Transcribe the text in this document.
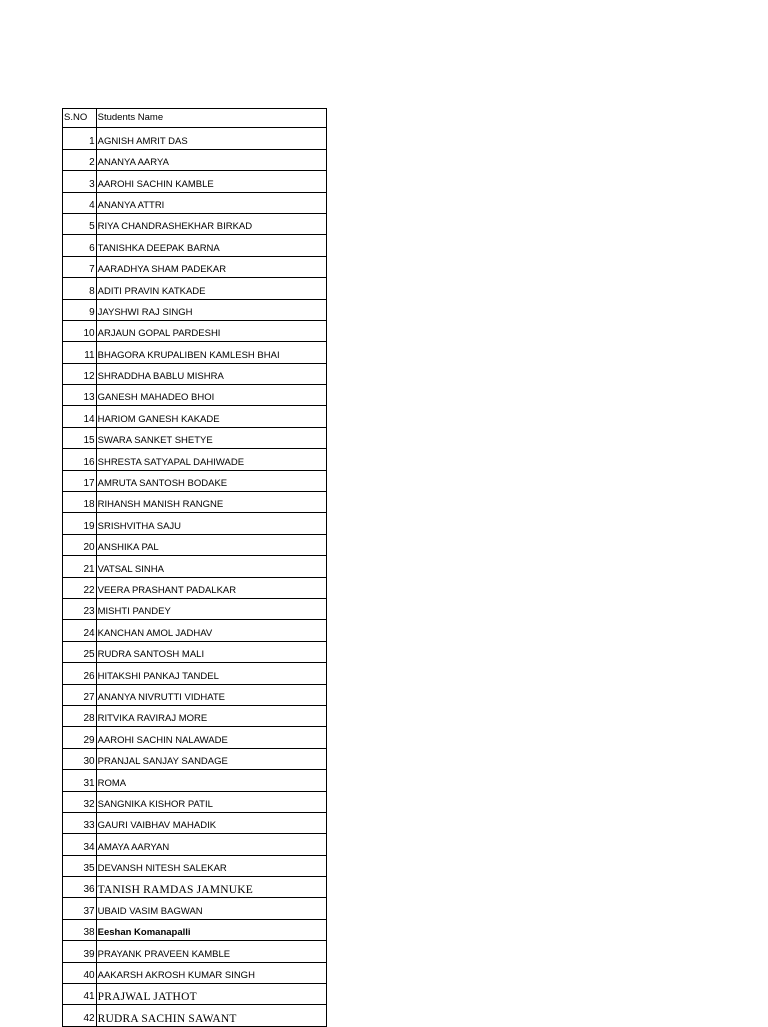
S.NO	Students Name
1	AGNISH AMRIT DAS
2	ANANYA AARYA
3	AAROHI SACHIN KAMBLE
4	ANANYA ATTRI
5	RIYA CHANDRASHEKHAR BIRKAD
6	TANISHKA DEEPAK BARNA
7	AARADHYA SHAM PADEKAR
8	ADITI PRAVIN KATKADE
9	JAYSHWI RAJ SINGH
10	ARJAUN GOPAL PARDESHI
11	BHAGORA KRUPALIBEN KAMLESH BHAI
12	SHRADDHA BABLU MISHRA
13	GANESH MAHADEO BHOI
14	HARIOM GANESH KAKADE
15	SWARA SANKET SHETYE
16	SHRESTA SATYAPAL DAHIWADE
17	AMRUTA SANTOSH BODAKE
18	RIHANSH MANISH RANGNE
19	SRISHVITHA SAJU
20	ANSHIKA PAL
21	VATSAL SINHA
22	VEERA PRASHANT PADALKAR
23	MISHTI PANDEY
24	KANCHAN AMOL JADHAV
25	RUDRA SANTOSH MALI
26	HITAKSHI PANKAJ TANDEL
27	ANANYA NIVRUTTI VIDHATE
28	RITVIKA RAVIRAJ MORE
29	AAROHI SACHIN NALAWADE
30	PRANJAL SANJAY SANDAGE
31	ROMA
32	SANGNIKA KISHOR PATIL
33	GAURI VAIBHAV MAHADIK
34	AMAYA AARYAN
35	DEVANSH NITESH SALEKAR
36	TANISH RAMDAS JAMNUKE
37	UBAID VASIM BAGWAN
38	Eeshan Komanapalli
39	PRAYANK PRAVEEN KAMBLE
40	AAKARSH AKROSH KUMAR SINGH
41	PRAJWAL JATHOT
42	RUDRA SACHIN SAWANT
